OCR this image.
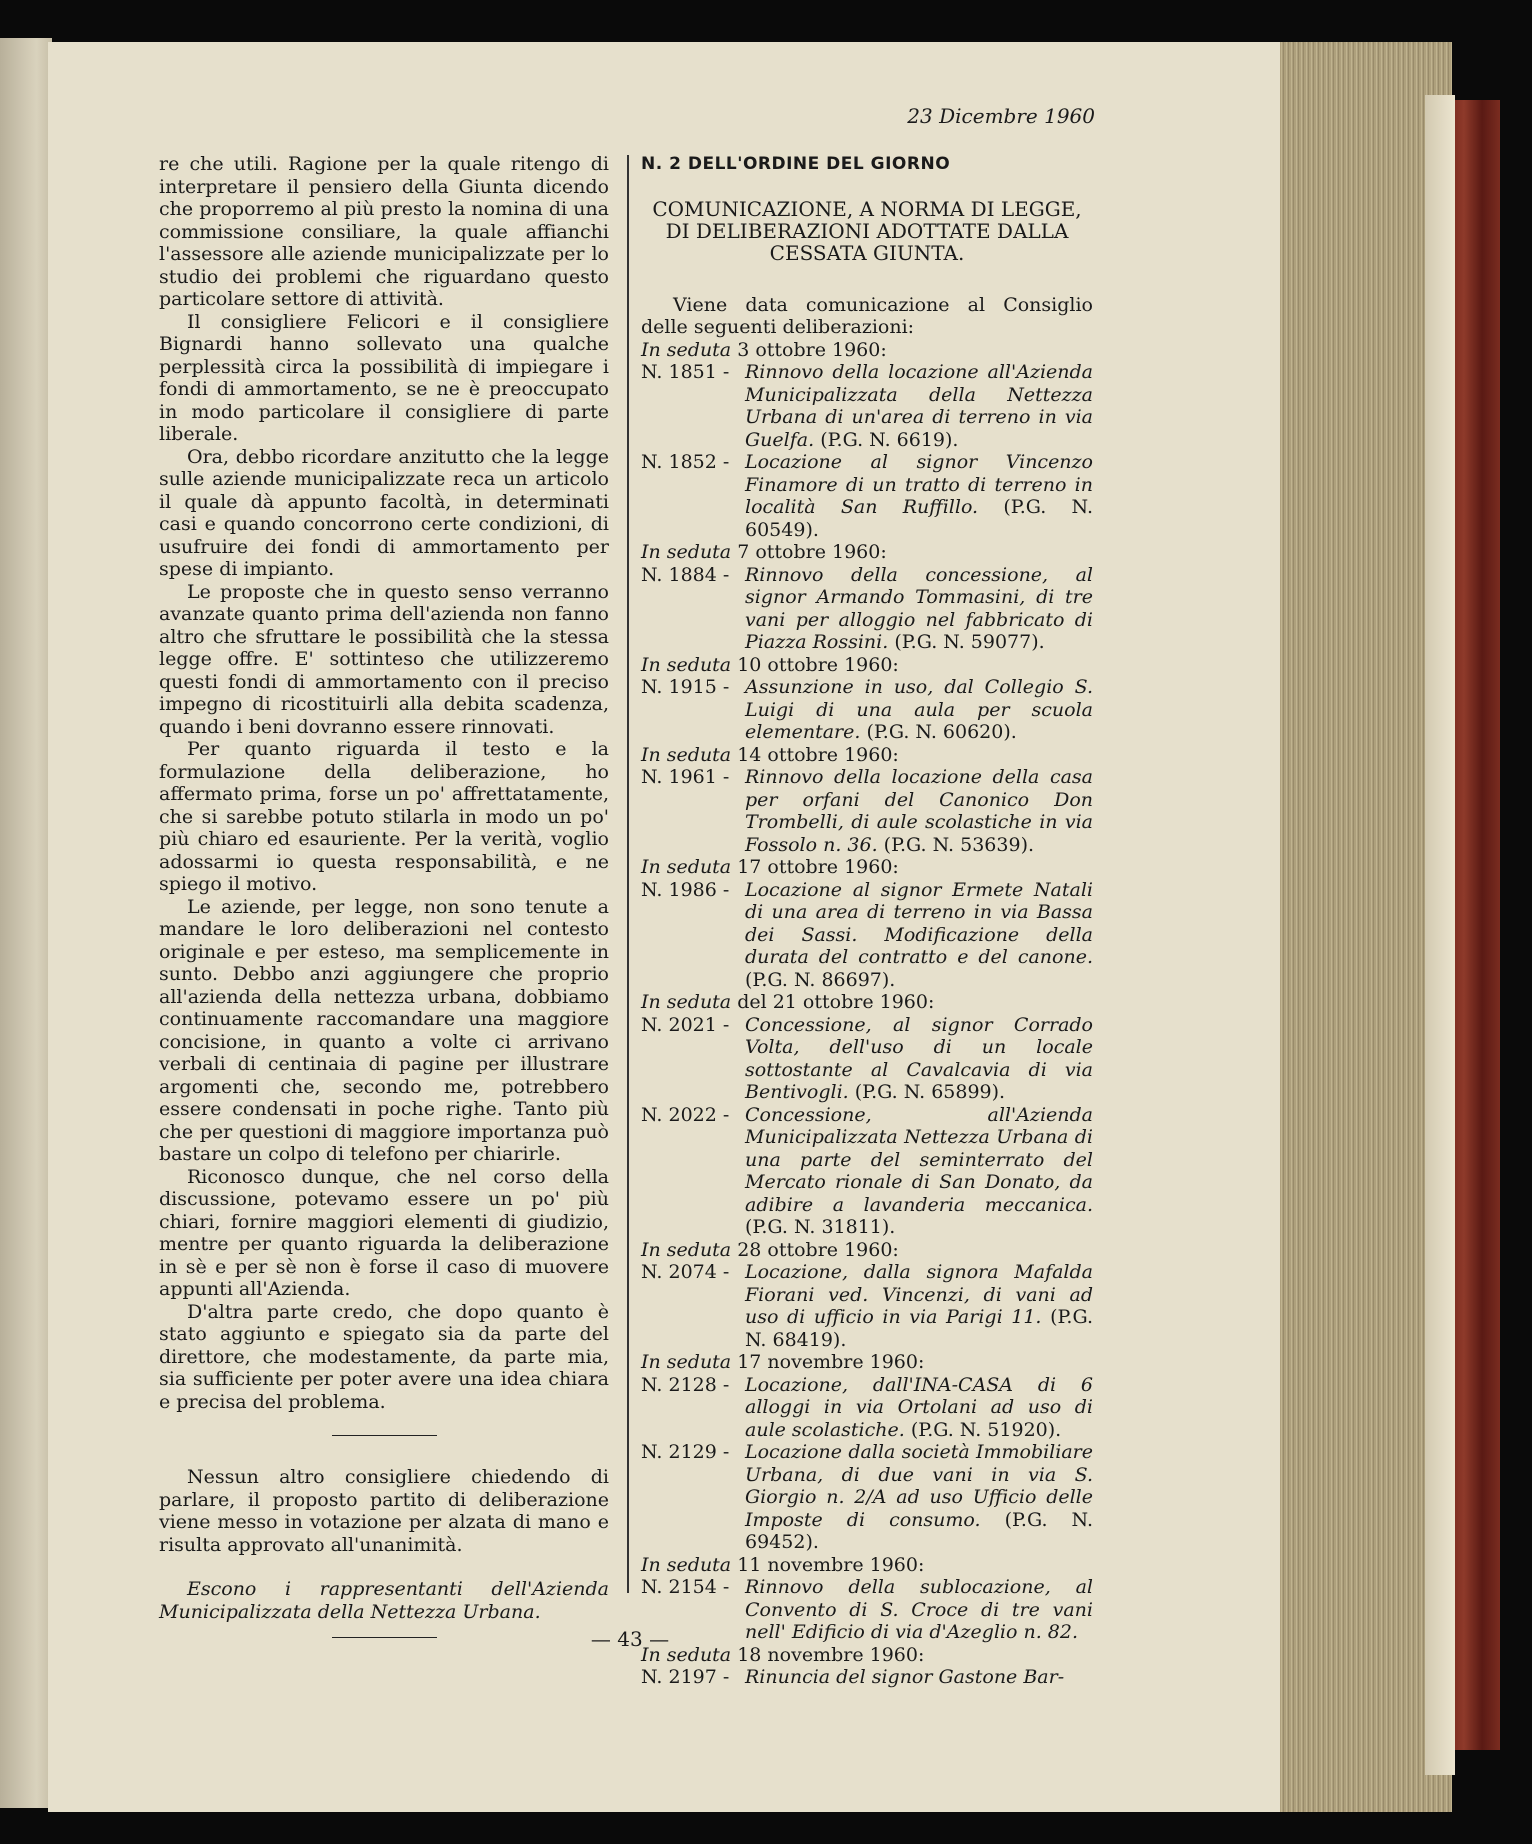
23 Dicembre 1960

re che utili. Ragione per la quale ritengo di interpretare il pensiero della Giunta dicendo che proporremo al più presto la nomina di una commissione consiliare, la quale affianchi l'assessore alle aziende municipalizzate per lo studio dei problemi che riguardano questo particolare settore di attività.

Il consigliere Felicori e il consigliere Bignardi hanno sollevato una qualche perplessità circa la possibilità di impiegare i fondi di ammortamento, se ne è preoccupato in modo particolare il consigliere di parte liberale.

Ora, debbo ricordare anzitutto che la legge sulle aziende municipalizzate reca un articolo il quale dà appunto facoltà, in determinati casi e quando concorrono certe condizioni, di usufruire dei fondi di ammortamento per spese di impianto.

Le proposte che in questo senso verranno avanzate quanto prima dell'azienda non fanno altro che sfruttare le possibilità che la stessa legge offre. E' sottinteso che utilizzeremo questi fondi di ammortamento con il preciso impegno di ricostituirli alla debita scadenza, quando i beni dovranno essere rinnovati.

Per quanto riguarda il testo e la formulazione della deliberazione, ho affermato prima, forse un po' affrettatamente, che si sarebbe potuto stilarla in modo un po' più chiaro ed esauriente. Per la verità, voglio adossarmi io questa responsabilità, e ne spiego il motivo.

Le aziende, per legge, non sono tenute a mandare le loro deliberazioni nel contesto originale e per esteso, ma semplicemente in sunto. Debbo anzi aggiungere che proprio all'azienda della nettezza urbana, dobbiamo continuamente raccomandare una maggiore concisione, in quanto a volte ci arrivano verbali di centinaia di pagine per illustrare argomenti che, secondo me, potrebbero essere condensati in poche righe. Tanto più che per questioni di maggiore importanza può bastare un colpo di telefono per chiarirle.

Riconosco dunque, che nel corso della discussione, potevamo essere un po' più chiari, fornire maggiori elementi di giudizio, mentre per quanto riguarda la deliberazione in sè e per sè non è forse il caso di muovere appunti all'Azienda.

D'altra parte credo, che dopo quanto è stato aggiunto e spiegato sia da parte del direttore, che modestamente, da parte mia, sia sufficiente per poter avere una idea chiara e precisa del problema.

Nessun altro consigliere chiedendo di parlare, il proposto partito di deliberazione viene messo in votazione per alzata di mano e risulta approvato all'unanimità.

Escono i rappresentanti dell'Azienda Municipalizzata della Nettezza Urbana.

N. 2 DELL'ORDINE DEL GIORNO
COMUNICAZIONE, A NORMA DI LEGGE,
DI DELIBERAZIONI ADOTTATE DALLA
CESSATA GIUNTA.

Viene data comunicazione al Consiglio delle seguenti deliberazioni:

In seduta 3 ottobre 1960:

N. 1851 - Rinnovo della locazione all'Azienda Municipalizzata della Nettezza Urbana di un'area di terreno in via Guelfa. (P.G. N. 6619).
N. 1852 - Locazione al signor Vincenzo Finamore di un tratto di terreno in località San Ruffillo. (P.G. N. 60549).

In seduta 7 ottobre 1960:

N. 1884 - Rinnovo della concessione, al signor Armando Tommasini, di tre vani per alloggio nel fabbricato di Piazza Rossini. (P.G. N. 59077).

In seduta 10 ottobre 1960:

N. 1915 - Assunzione in uso, dal Collegio S. Luigi di una aula per scuola elementare. (P.G. N. 60620).

In seduta 14 ottobre 1960:

N. 1961 - Rinnovo della locazione della casa per orfani del Canonico Don Trombelli, di aule scolastiche in via Fossolo n. 36. (P.G. N. 53639).

In seduta 17 ottobre 1960:

N. 1986 - Locazione al signor Ermete Natali di una area di terreno in via Bassa dei Sassi. Modificazione della durata del contratto e del canone. (P.G. N. 86697).

In seduta del 21 ottobre 1960:

N. 2021 - Concessione, al signor Corrado Volta, dell'uso di un locale sottostante al Cavalcavia di via Bentivogli. (P.G. N. 65899).
N. 2022 - Concessione, all'Azienda Municipalizzata Nettezza Urbana di una parte del seminterrato del Mercato rionale di San Donato, da adibire a lavanderia meccanica. (P.G. N. 31811).

In seduta 28 ottobre 1960:

N. 2074 - Locazione, dalla signora Mafalda Fiorani ved. Vincenzi, di vani ad uso di ufficio in via Parigi 11. (P.G. N. 68419).

In seduta 17 novembre 1960:

N. 2128 - Locazione, dall'INA-CASA di 6 alloggi in via Ortolani ad uso di aule scolastiche. (P.G. N. 51920).
N. 2129 - Locazione dalla società Immobiliare Urbana, di due vani in via S. Giorgio n. 2/A ad uso Ufficio delle Imposte di consumo. (P.G. N. 69452).

In seduta 11 novembre 1960:

N. 2154 - Rinnovo della sublocazione, al Convento di S. Croce di tre vani nell' Edificio di via d'Azeglio n. 82.

In seduta 18 novembre 1960:

N. 2197 - Rinuncia del signor Gastone Bar-
— 43 —
